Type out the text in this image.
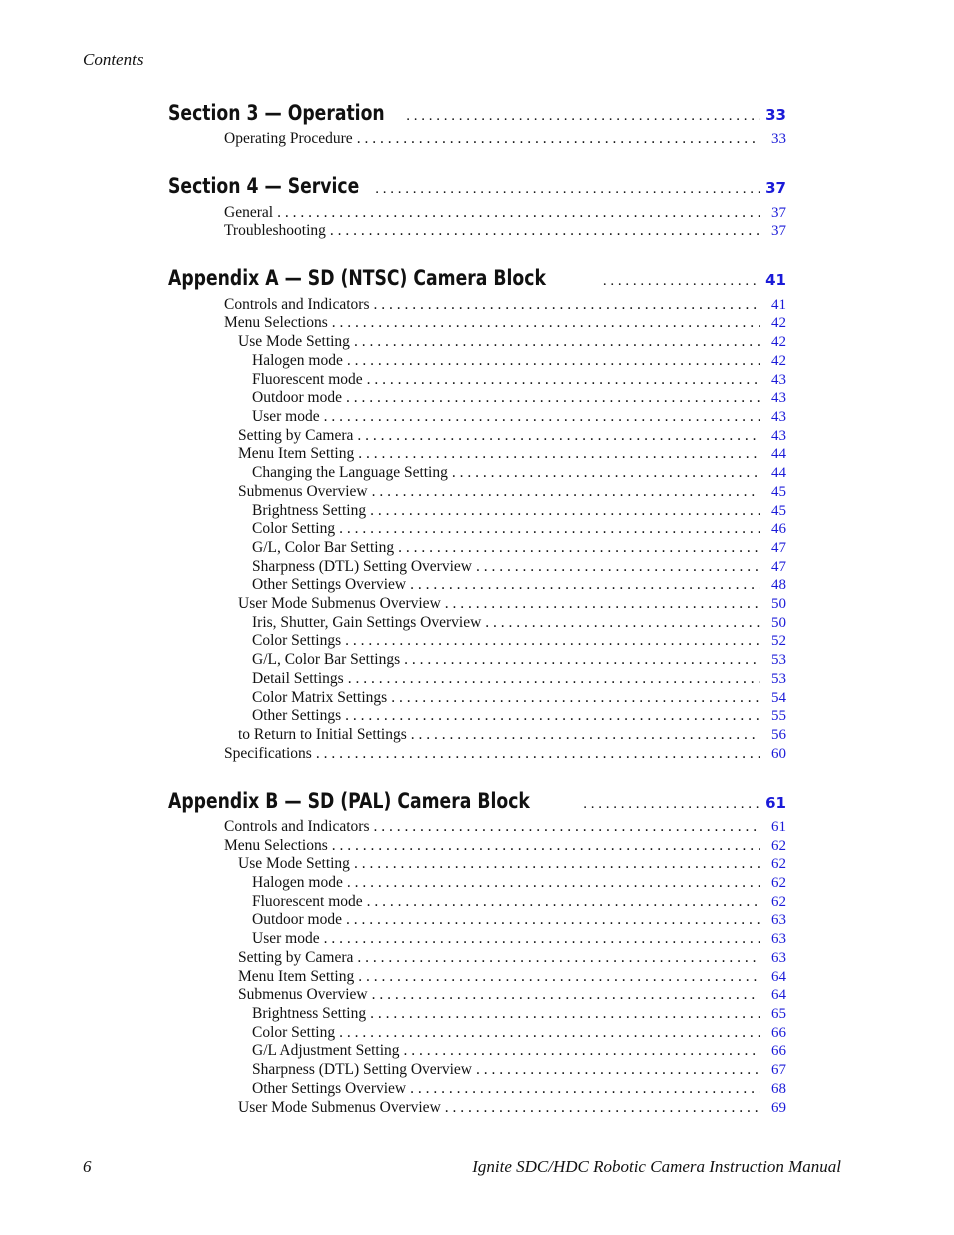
Contents
Section 3 — Operation . . .	33
Operating Procedure . . .	33
Section 4 — Service . . .	37
General . . .	37
Troubleshooting . . .	37
Appendix A — SD (NTSC) Camera Block . . .	41
Controls and Indicators . . .	41
Menu Selections . . .	42
Use Mode Setting . . .	42
Halogen mode . . .	42
Fluorescent mode . . .	43
Outdoor mode . . .	43
User mode . . .	43
Setting by Camera . . .	43
Menu Item Setting . . .	44
Changing the Language Setting . . .	44
Submenus Overview . . .	45
Brightness Setting . . .	45
Color Setting . . .	46
G/L, Color Bar Setting . . .	47
Sharpness (DTL) Setting Overview . . .	47
Other Settings Overview . . .	48
User Mode Submenus Overview . . .	50
Iris, Shutter, Gain Settings Overview . . .	50
Color Settings . . .	52
G/L, Color Bar Settings . . .	53
Detail Settings . . .	53
Color Matrix Settings . . .	54
Other Settings . . .	55
to Return to Initial Settings . . .	56
Specifications . . .	60
Appendix B — SD (PAL) Camera Block . . .	61
Controls and Indicators . . .	61
Menu Selections . . .	62
Use Mode Setting . . .	62
Halogen mode . . .	62
Fluorescent mode . . .	62
Outdoor mode . . .	63
User mode . . .	63
Setting by Camera . . .	63
Menu Item Setting . . .	64
Submenus Overview . . .	64
Brightness Setting . . .	65
Color Setting . . .	66
G/L Adjustment Setting . . .	66
Sharpness (DTL) Setting Overview . . .	67
Other Settings Overview . . .	68
User Mode Submenus Overview . . .	69
6	Ignite SDC/HDC Robotic Camera Instruction Manual
